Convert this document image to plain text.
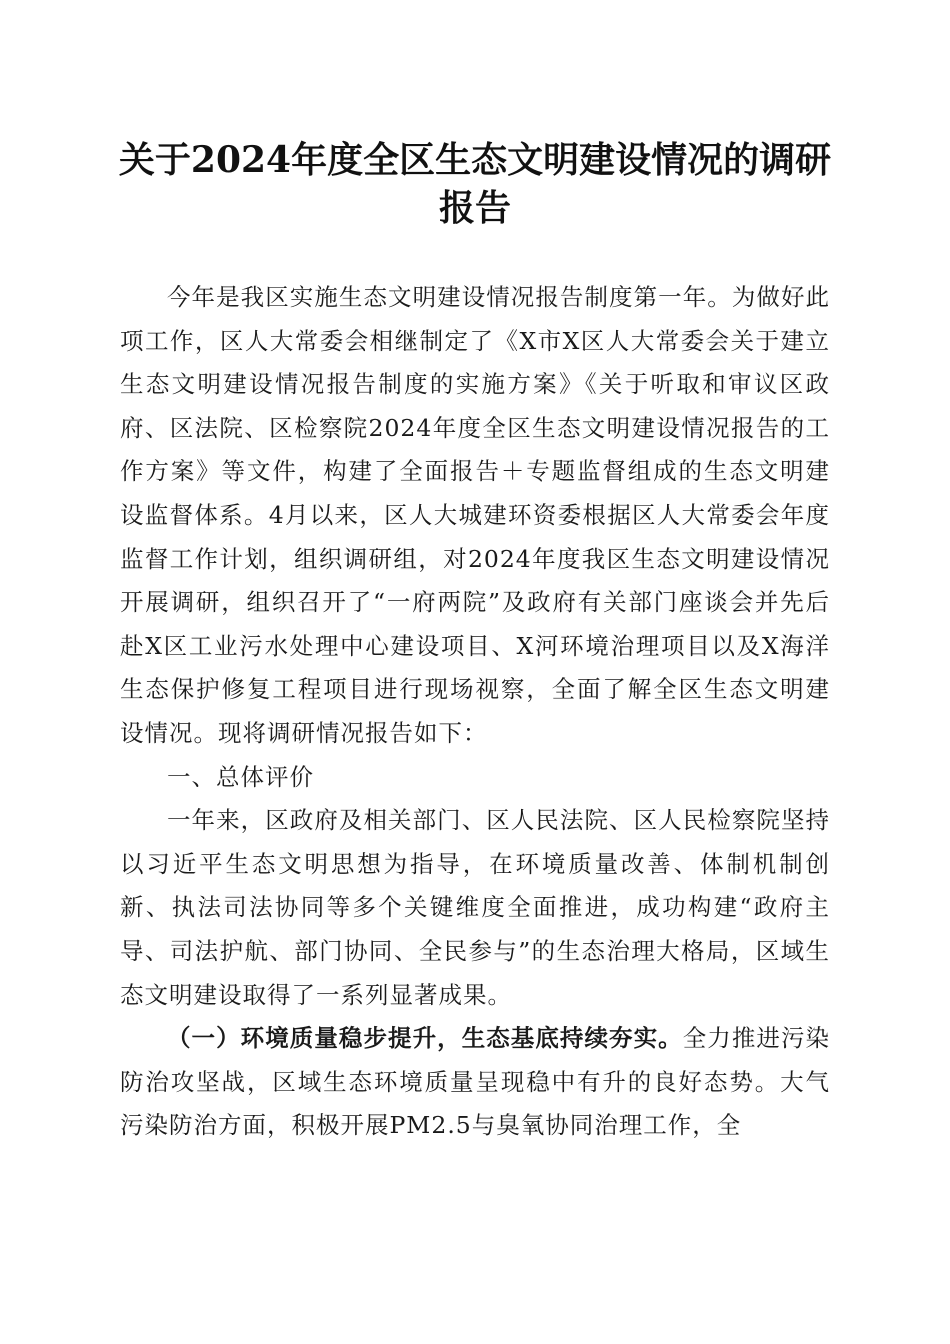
关于2024年度全区生态文明建设情况的调研报告

今年是我区实施生态文明建设情况报告制度第一年。为做好此项工作，区人大常委会相继制定了《X市X区人大常委会关于建立生态文明建设情况报告制度的实施方案》《关于听取和审议区政府、区法院、区检察院2024年度全区生态文明建设情况报告的工作方案》等文件，构建了全面报告＋专题监督组成的生态文明建设监督体系。4月以来，区人大城建环资委根据区人大常委会年度监督工作计划，组织调研组，对2024年度我区生态文明建设情况开展调研，组织召开了“一府两院”及政府有关部门座谈会并先后赴X区工业污水处理中心建设项目、X河环境治理项目以及X海洋生态保护修复工程项目进行现场视察，全面了解全区生态文明建设情况。现将调研情况报告如下：

一、总体评价

一年来，区政府及相关部门、区人民法院、区人民检察院坚持以习近平生态文明思想为指导，在环境质量改善、体制机制创新、执法司法协同等多个关键维度全面推进，成功构建“政府主导、司法护航、部门协同、全民参与”的生态治理大格局，区域生态文明建设取得了一系列显著成果。

（一）环境质量稳步提升，生态基底持续夯实。全力推进污染防治攻坚战，区域生态环境质量呈现稳中有升的良好态势。大气污染防治方面，积极开展PM2.5与臭氧协同治理工作，全
